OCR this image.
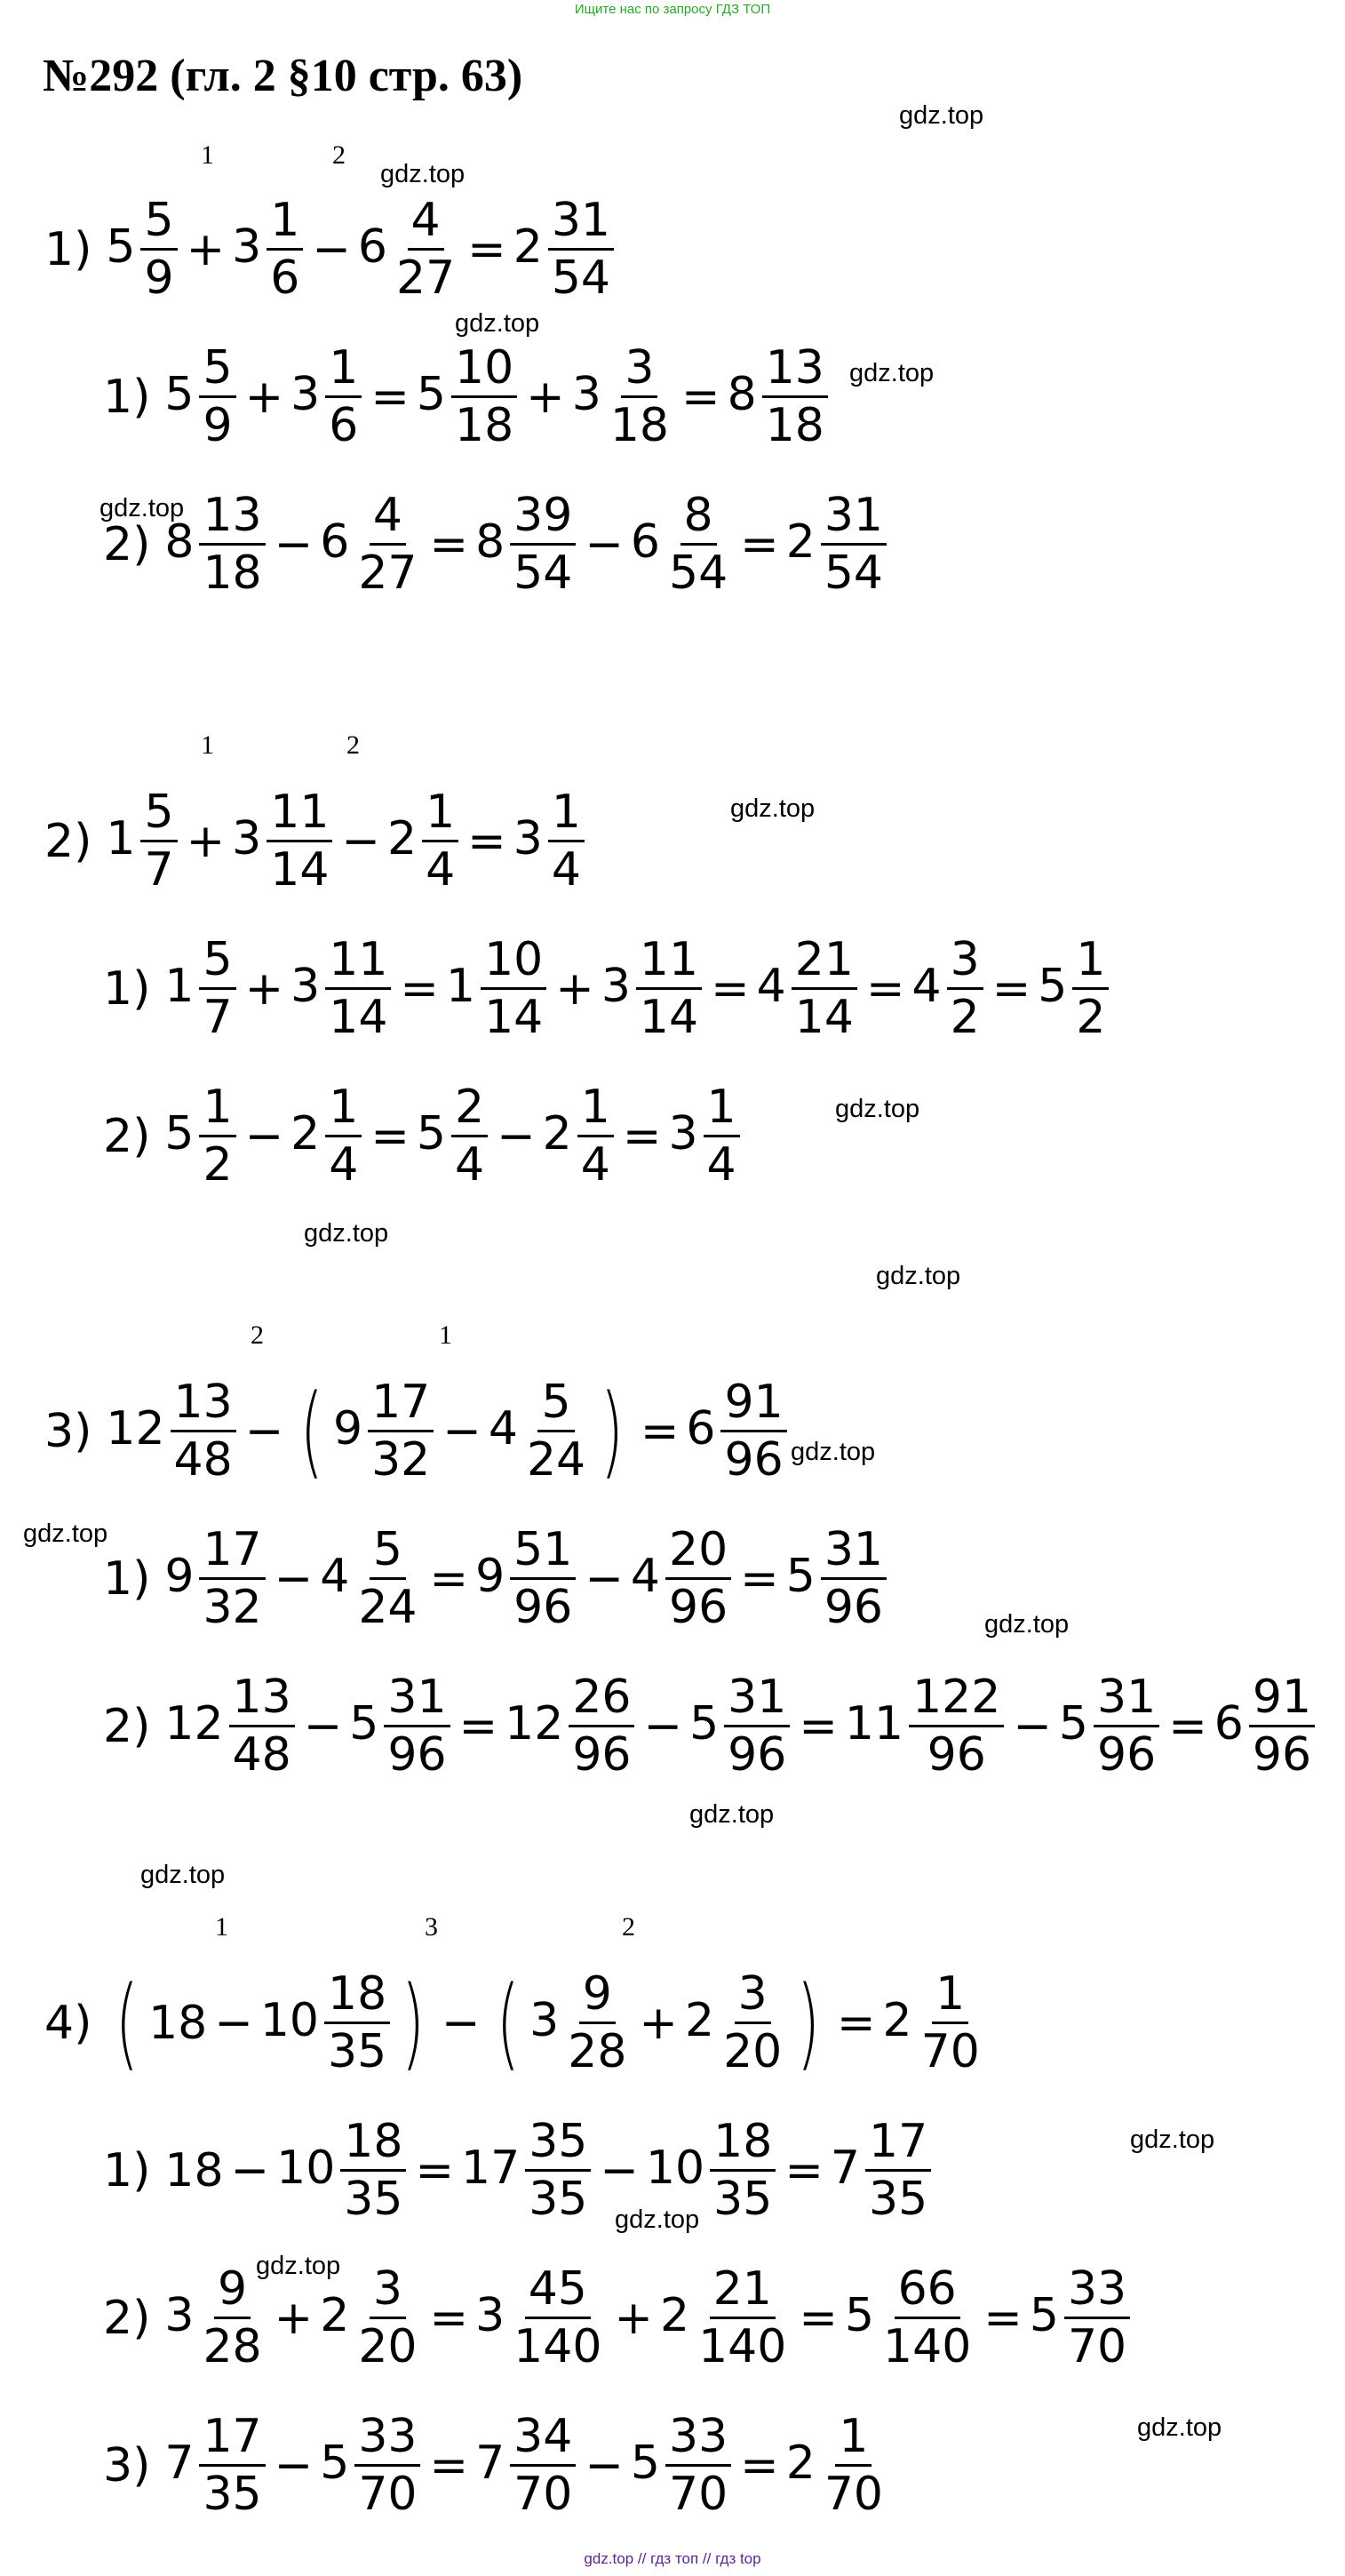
Ищите нас по запросу ГДЗ ТОП
№292 (гл. 2 §10 стр. 63)
1	2
1	2
2	1
1	3	2
1) $5 \frac{5}{9} + 3 \frac{1}{6} - 6 \frac{4}{27} = 2 \frac{31}{54}$
1) $5 \frac{5}{9} + 3 \frac{1}{6} = 5 \frac{10}{18} + 3 \frac{3}{18} = 8 \frac{13}{18}$
2) $8 \frac{13}{18} - 6 \frac{4}{27} = 8 \frac{39}{54} - 6 \frac{8}{54} = 2 \frac{31}{54}$
2) $1 \frac{5}{7} + 3 \frac{11}{14} - 2 \frac{1}{4} = 3 \frac{1}{4}$
1) $1 \frac{5}{7} + 3 \frac{11}{14} = 1 \frac{10}{14} + 3 \frac{11}{14} = 4 \frac{21}{14} = 4 \frac{3}{2} = 5 \frac{1}{2}$
2) $5 \frac{1}{2} - 2 \frac{1}{4} = 5 \frac{2}{4} - 2 \frac{1}{4} = 3 \frac{1}{4}$
3) $12 \frac{13}{48}$ − ( $9 \frac{17}{32} - 4 \frac{5}{24}$ ) = $6 \frac{91}{96}$
1) $9 \frac{17}{32} - 4 \frac{5}{24} = 9 \frac{51}{96} - 4 \frac{20}{96} = 5 \frac{31}{96}$
2) $12 \frac{13}{48} - 5 \frac{31}{96} = 12 \frac{26}{96} - 5 \frac{31}{96} = 11 \frac{122}{96} - 5 \frac{31}{96} = 6 \frac{91}{96}$
4) ( $18 - 10 \frac{18}{35}$ ) − ( $3 \frac{9}{28} + 2 \frac{3}{20}$ ) = $2 \frac{1}{70}$
1) $18 - 10 \frac{18}{35} = 17 \frac{35}{35} - 10 \frac{18}{35} = 7 \frac{17}{35}$
2) $3 \frac{9}{28} + 2 \frac{3}{20} = 3 \frac{45}{140} + 2 \frac{21}{140} = 5 \frac{66}{140} = 5 \frac{33}{70}$
3) $7 \frac{17}{35} - 5 \frac{33}{70} = 7 \frac{34}{70} - 5 \frac{33}{70} = 2 \frac{1}{70}$
gdz.top
gdz.top
gdz.top
gdz.top
gdz.top
gdz.top
gdz.top
gdz.top
gdz.top
gdz.top
gdz.top
gdz.top
gdz.top
gdz.top
gdz.top
gdz.top
gdz.top
gdz.top
gdz.top // гдз топ // гдз top
